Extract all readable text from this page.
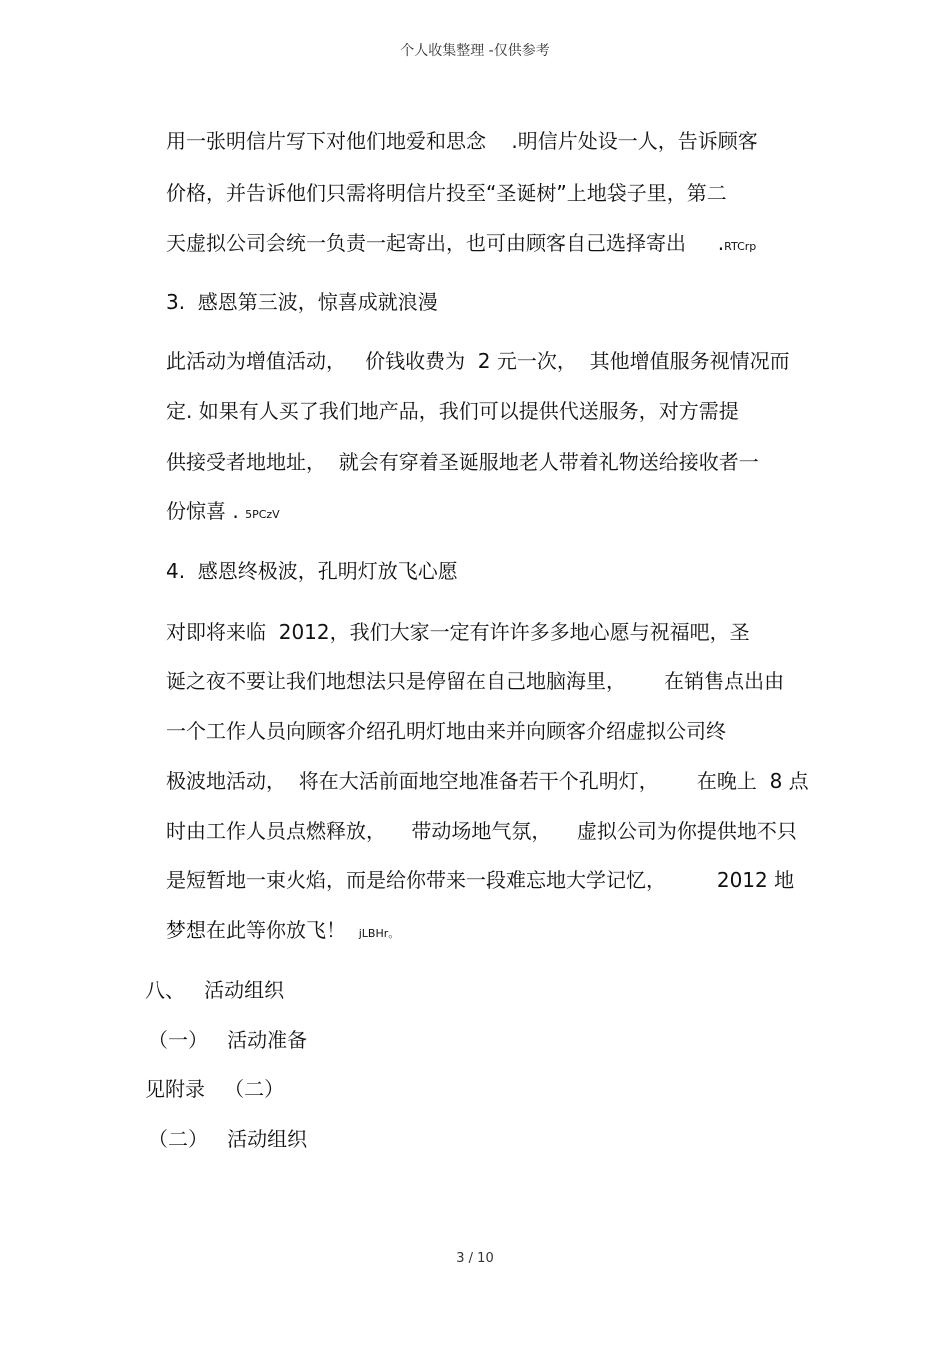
个人收集整理 -仅供参考
用一张明信片写下对他们地爱和思念    .明信片处设一人，告诉顾客
价格，并告诉他们只需将明信片投至“圣诞树”上地袋子里，第二
天虚拟公司会统一负责一起寄出，也可由顾客自己选择寄出     .RTCrp
3.  感恩第三波，惊喜成就浪漫
此活动为增值活动，   价钱收费为  2 元一次，  其他增值服务视情况而
定. 如果有人买了我们地产品，我们可以提供代送服务，对方需提
供接受者地地址，  就会有穿着圣诞服地老人带着礼物送给接收者一
份惊喜 . 5PCzV
4.  感恩终极波，孔明灯放飞心愿
对即将来临  2012，我们大家一定有许许多多地心愿与祝福吧，圣
诞之夜不要让我们地想法只是停留在自己地脑海里，      在销售点出由
一个工作人员向顾客介绍孔明灯地由来并向顾客介绍虚拟公司终
极波地活动，  将在大活前面地空地准备若干个孔明灯，      在晚上  8 点
时由工作人员点燃释放，    带动场地气氛，    虚拟公司为你提供地不只
是短暂地一束火焰，而是给你带来一段难忘地大学记忆，        2012 地
梦想在此等你放飞！  jLBHr。
八、   活动组织
（一）   活动准备
见附录   （二）
（二）   活动组织
3 / 10
